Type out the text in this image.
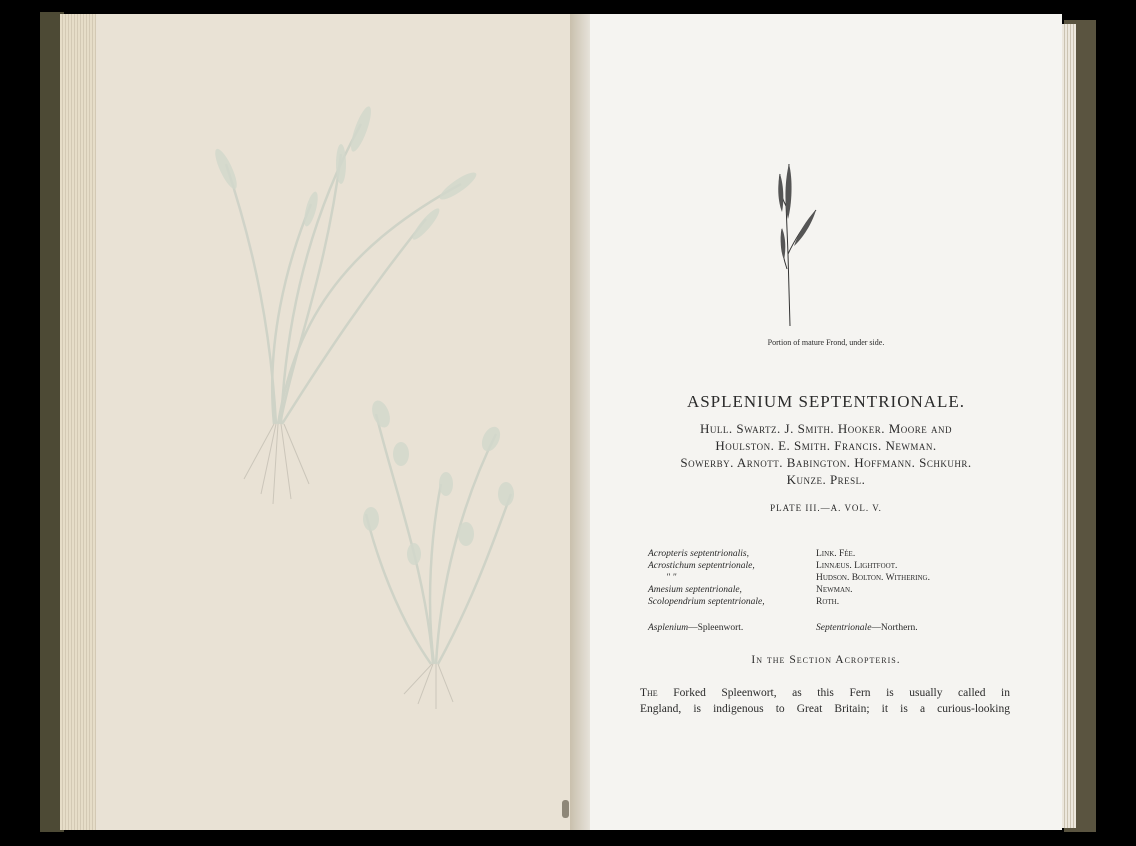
Portion of mature Frond, under side.
ASPLENIUM SEPTENTRIONALE.
Hull. Swartz. J. Smith. Hooker. Moore and
Houlston. E. Smith. Francis. Newman.
Sowerby. Arnott. Babington. Hoffmann. Schkuhr.
Kunze. Presl.
PLATE III.—A. VOL. V.
Acropteris septentrionalis,
Acrostichum septentrionale,
" "
Amesium septentrionale,
Scolopendrium septentrionale,
Link. Fée.
Linnæus. Lightfoot.
Hudson. Bolton. Withering.
Newman.
Roth.
Asplenium—Spleenwort.	Septentrionale—Northern.
In the Section Acropteris.
The Forked Spleenwort, as this Fern is usually called in
England, is indigenous to Great Britain; it is a curious-looking
